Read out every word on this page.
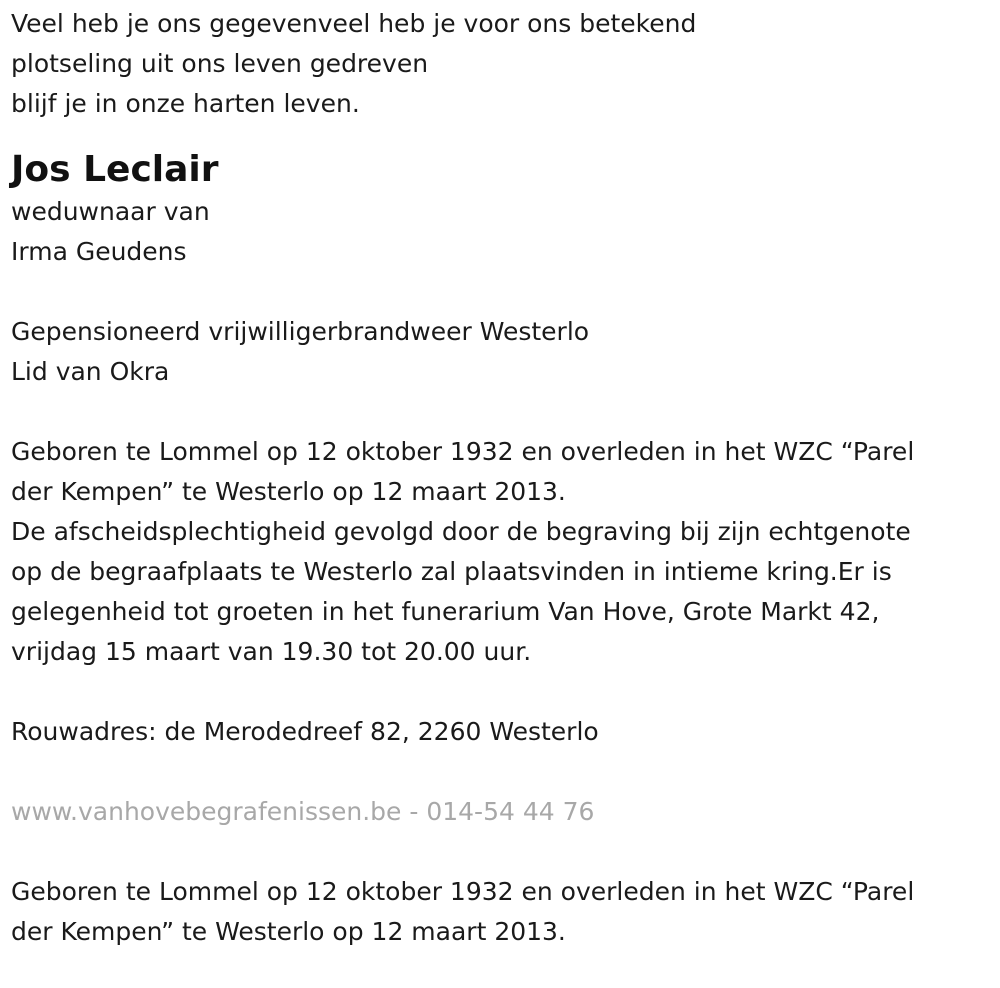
Veel heb je ons gegevenveel heb je voor ons betekend

plotseling uit ons leven gedreven

blijf je in onze harten leven.

Jos Leclair

weduwnaar van

Irma Geudens

Gepensioneerd vrijwilligerbrandweer Westerlo

Lid van Okra

Geboren te Lommel op 12 oktober 1932 en overleden in het WZC “Parel

der Kempen” te Westerlo op 12 maart 2013.

De afscheidsplechtigheid gevolgd door de begraving bij zijn echtgenote

op de begraafplaats te Westerlo zal plaatsvinden in intieme kring.Er is

gelegenheid tot groeten in het funerarium Van Hove, Grote Markt 42,

vrijdag 15 maart van 19.30 tot 20.00 uur.

Rouwadres: de Merodedreef 82, 2260 Westerlo

www.vanhovebegrafenissen.be - 014-54 44 76

Geboren te Lommel op 12 oktober 1932 en overleden in het WZC “Parel

der Kempen” te Westerlo op 12 maart 2013.
